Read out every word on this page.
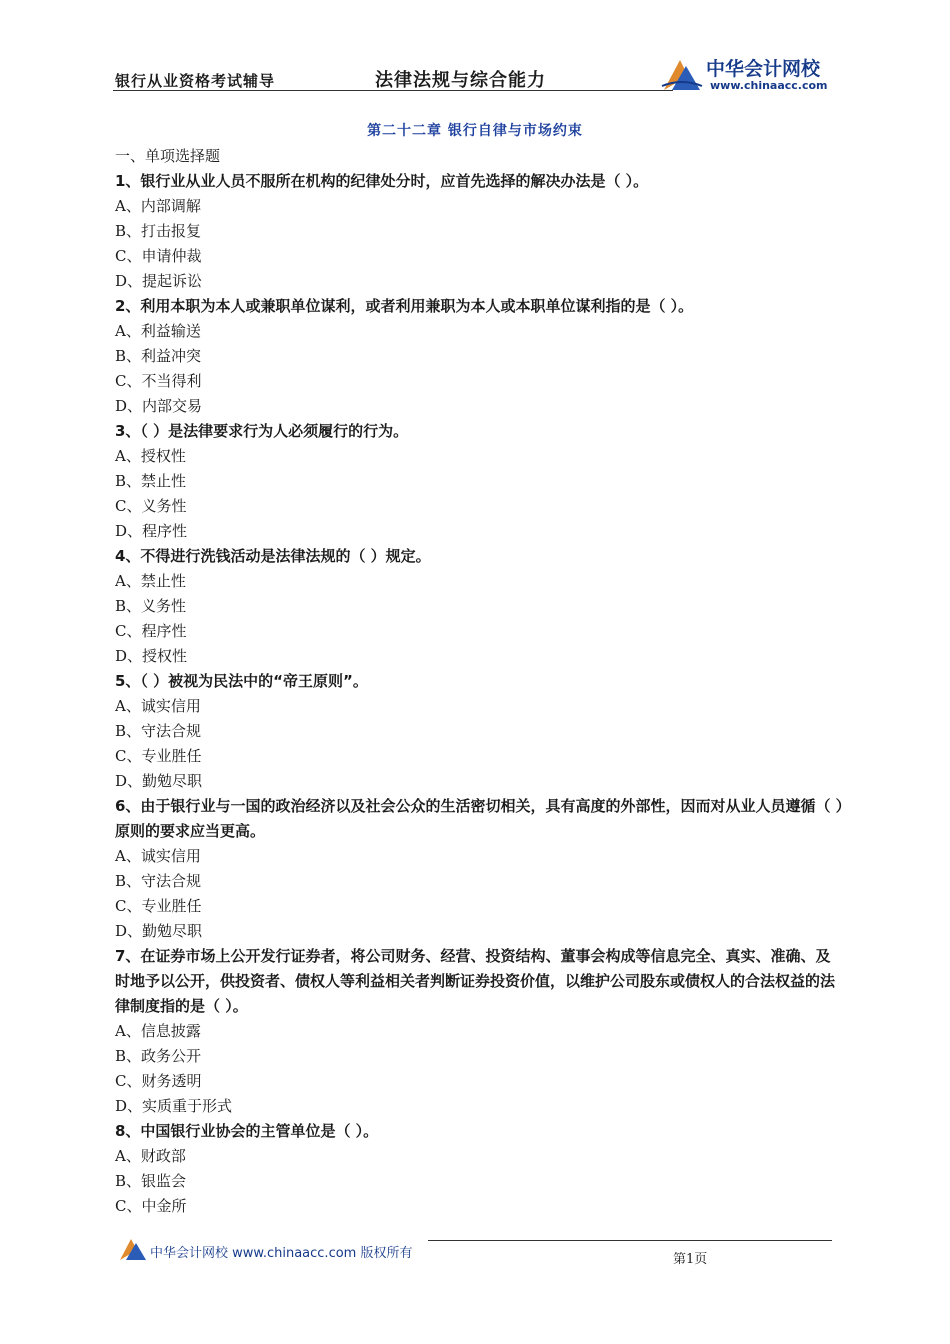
银行从业资格考试辅导	法律法规与综合能力
中华会计网校
www.chinaacc.com
第二十二章 银行自律与市场约束
一、单项选择题
1、银行业从业人员不服所在机构的纪律处分时，应首先选择的解决办法是（ ）。
A、内部调解
B、打击报复
C、申请仲裁
D、提起诉讼
2、利用本职为本人或兼职单位谋利，或者利用兼职为本人或本职单位谋利指的是（ ）。
A、利益输送
B、利益冲突
C、不当得利
D、内部交易
3、（ ）是法律要求行为人必须履行的行为。
A、授权性
B、禁止性
C、义务性
D、程序性
4、不得进行洗钱活动是法律法规的（ ）规定。
A、禁止性
B、义务性
C、程序性
D、授权性
5、（ ）被视为民法中的“帝王原则”。
A、诚实信用
B、守法合规
C、专业胜任
D、勤勉尽职
6、由于银行业与一国的政治经济以及社会公众的生活密切相关，具有高度的外部性，因而对从业人员遵循（ ）原则的要求应当更高。
A、诚实信用
B、守法合规
C、专业胜任
D、勤勉尽职
7、在证券市场上公开发行证券者，将公司财务、经营、投资结构、董事会构成等信息完全、真实、准确、及时地予以公开，供投资者、债权人等利益相关者判断证券投资价值，以维护公司股东或债权人的合法权益的法律制度指的是（ ）。
A、信息披露
B、政务公开
C、财务透明
D、实质重于形式
8、中国银行业协会的主管单位是（ ）。
A、财政部
B、银监会
C、中金所
中华会计网校 www.chinaacc.com 版权所有	第1页
